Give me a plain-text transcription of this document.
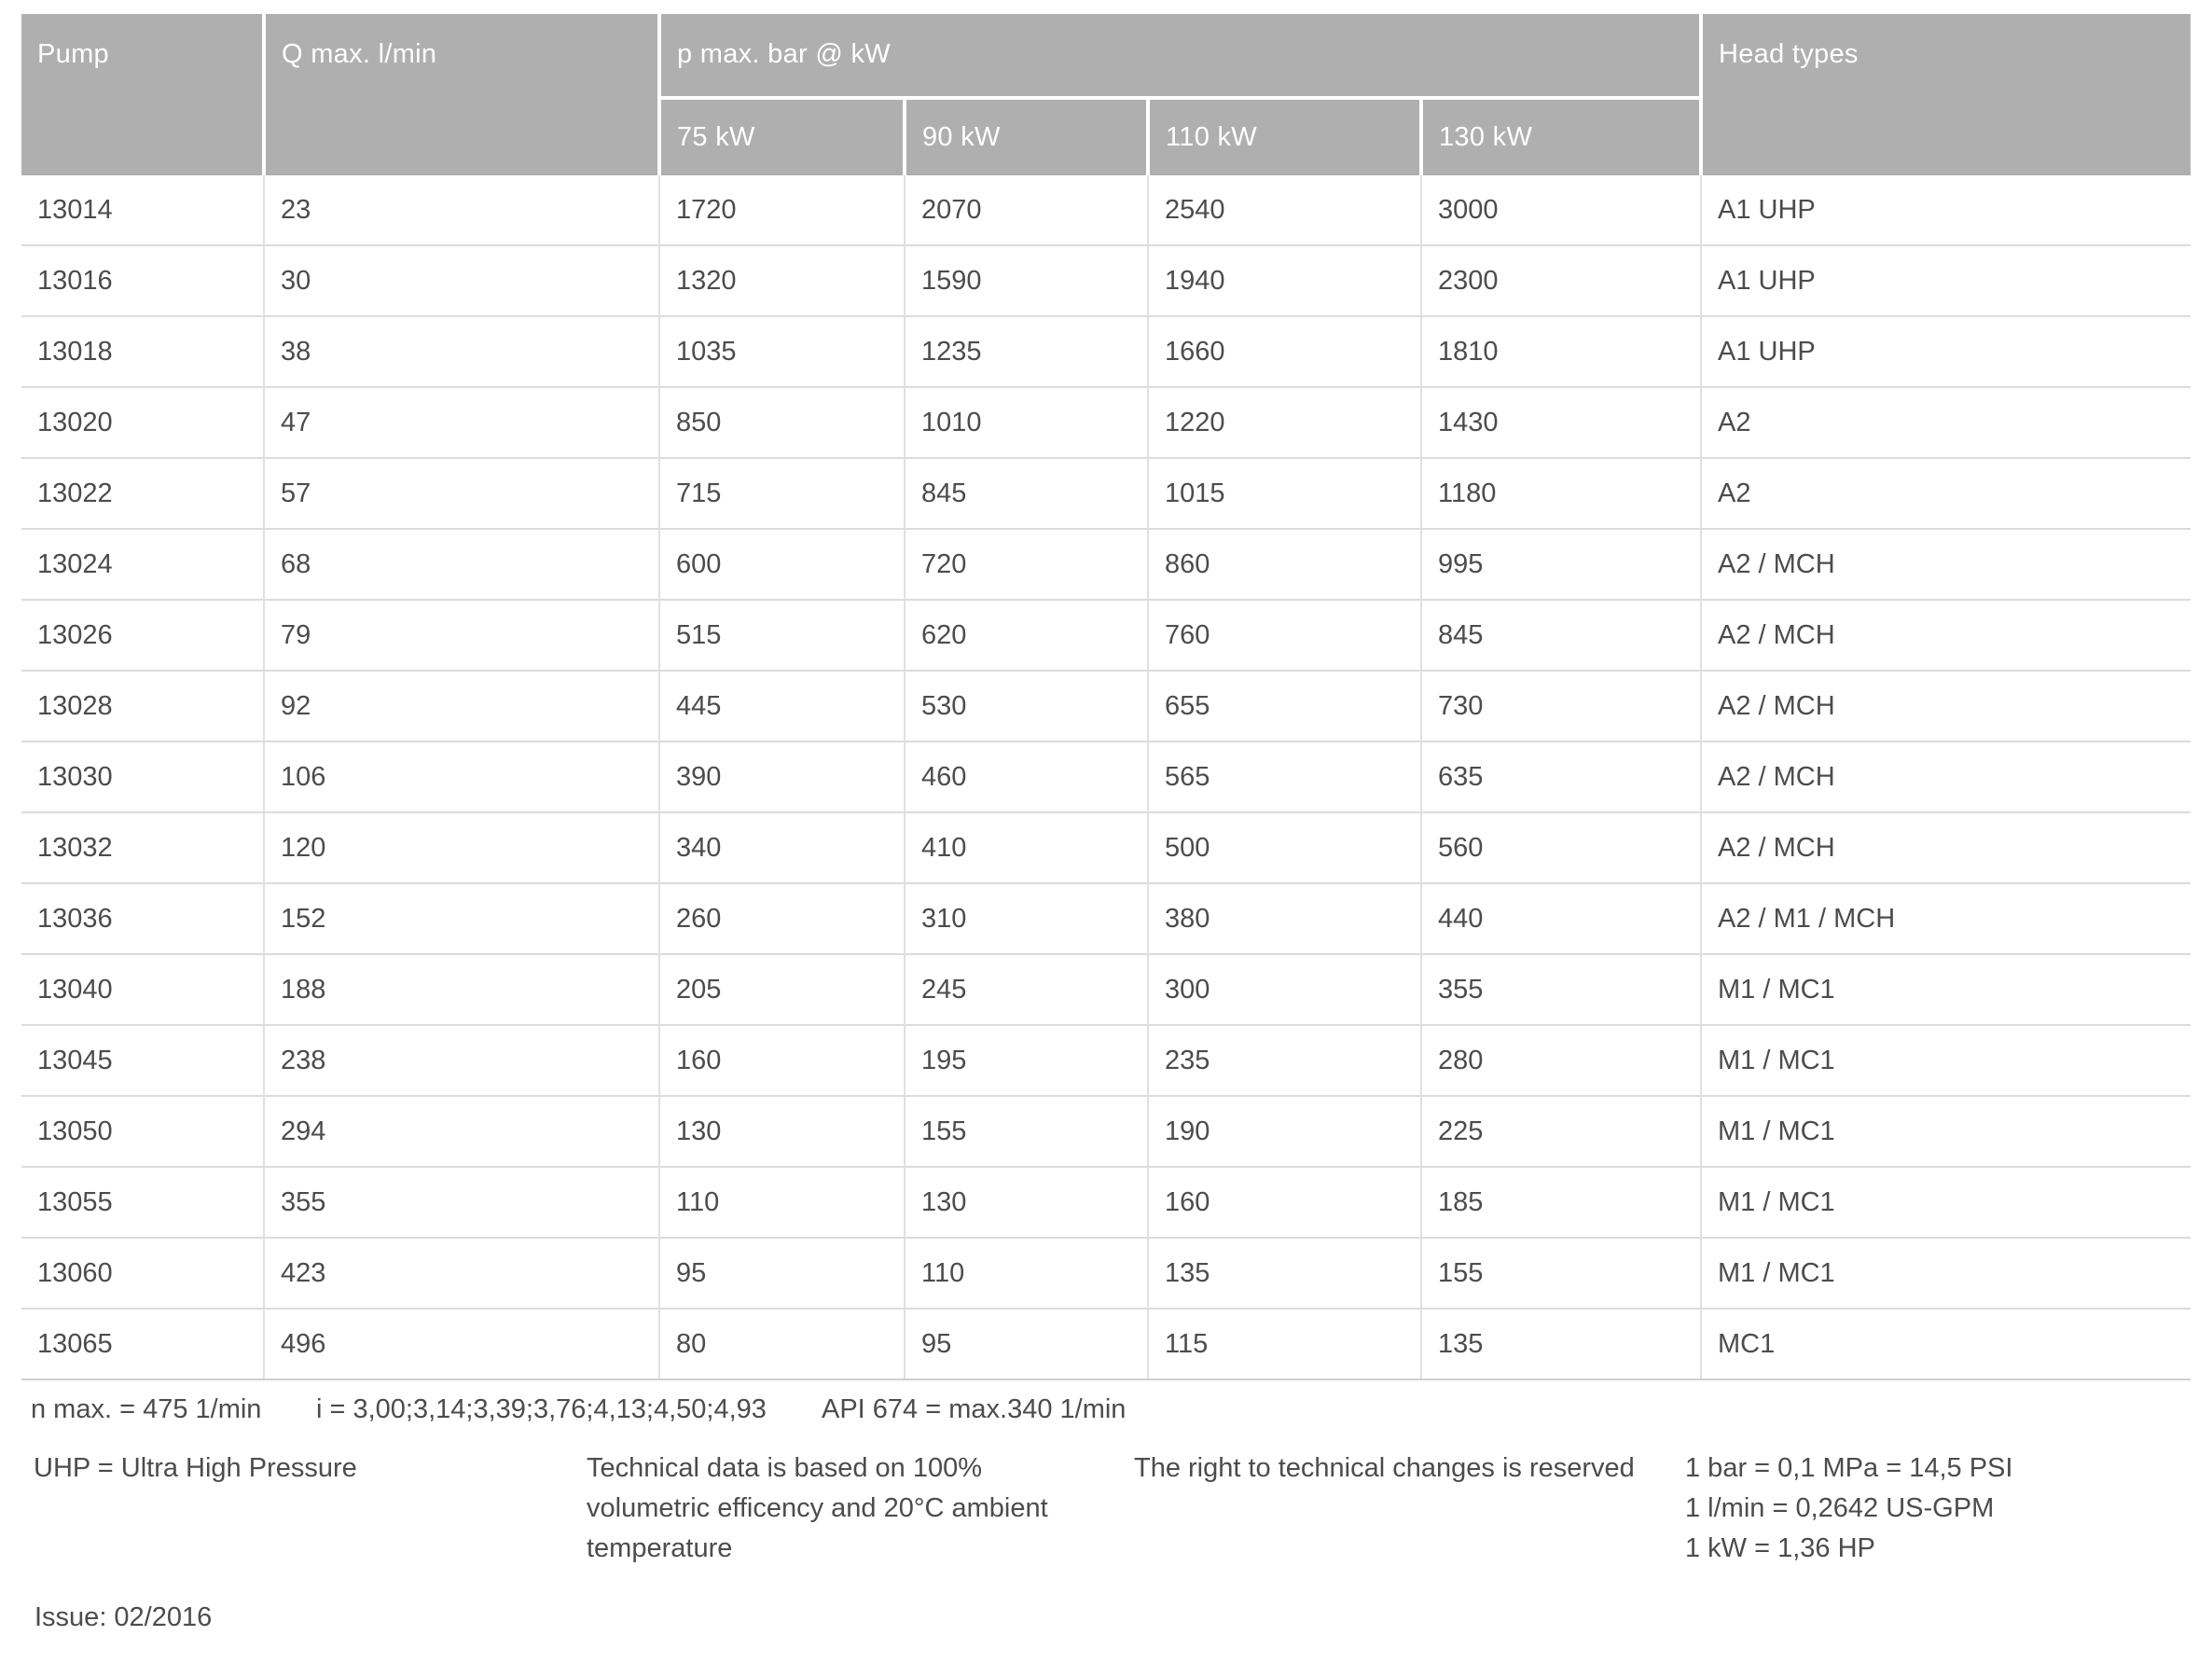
Pump	Q max. l/min	p max. bar @ kW				Head types
		75 kW	90 kW	110 kW	130 kW	
13014	23	1720	2070	2540	3000	A1 UHP
13016	30	1320	1590	1940	2300	A1 UHP
13018	38	1035	1235	1660	1810	A1 UHP
13020	47	850	1010	1220	1430	A2
13022	57	715	845	1015	1180	A2
13024	68	600	720	860	995	A2 / MCH
13026	79	515	620	760	845	A2 / MCH
13028	92	445	530	655	730	A2 / MCH
13030	106	390	460	565	635	A2 / MCH
13032	120	340	410	500	560	A2 / MCH
13036	152	260	310	380	440	A2 / M1 / MCH
13040	188	205	245	300	355	M1 / MC1
13045	238	160	195	235	280	M1 / MC1
13050	294	130	155	190	225	M1 / MC1
13055	355	110	130	160	185	M1 / MC1
13060	423	95	110	135	155	M1 / MC1
13065	496	80	95	115	135	MC1
n max. = 475 1/min i = 3,00;3,14;3,39;3,76;4,13;4,50;4,93 API 674 = max.340 1/min
UHP = Ultra High Pressure	Technical data is based on 100%
volumetric efficency and 20°C ambient
temperature
The right to technical changes is reserved 1 bar = 0,1 MPa = 14,5 PSI
1 l/min = 0,2642 US-GPM
1 kW = 1,36 HP
Issue: 02/2016
